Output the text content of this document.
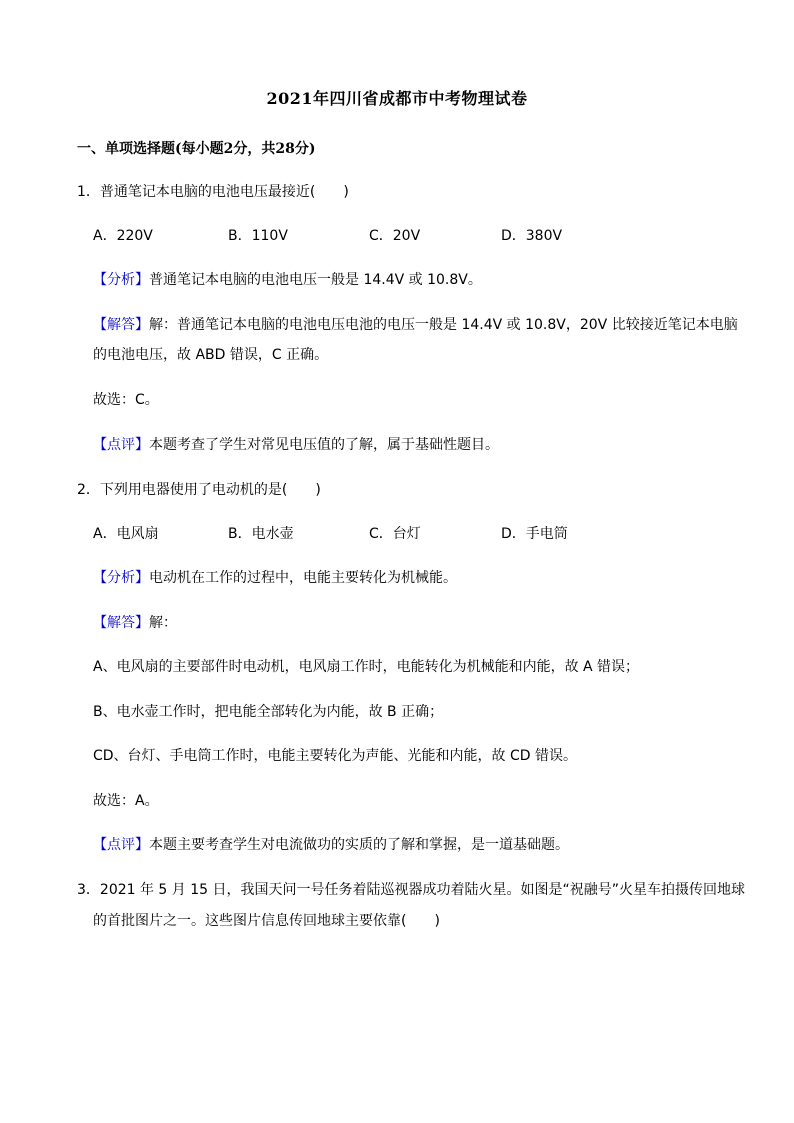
2021年四川省成都市中考物理试卷
一、单项选择题(每小题2分，共28分)
1．普通笔记本电脑的电池电压最接近(　　)
A．220V	B．110V	C．20V	D．380V
【分析】普通笔记本电脑的电池电压一般是 14.4V 或 10.8V。
【解答】解：普通笔记本电脑的电池电压电池的电压一般是 14.4V 或 10.8V，20V 比较接近笔记本电脑
的电池电压，故 ABD 错误，C 正确。
故选：C。
【点评】本题考查了学生对常见电压值的了解，属于基础性题目。
2．下列用电器使用了电动机的是(　　)
A．电风扇	B．电水壶	C．台灯	D．手电筒
【分析】电动机在工作的过程中，电能主要转化为机械能。
【解答】解：
A、电风扇的主要部件时电动机，电风扇工作时，电能转化为机械能和内能，故 A 错误；
B、电水壶工作时，把电能全部转化为内能，故 B 正确；
CD、台灯、手电筒工作时，电能主要转化为声能、光能和内能，故 CD 错误。
故选：A。
【点评】本题主要考查学生对电流做功的实质的了解和掌握，是一道基础题。
3．2021 年 5 月 15 日，我国天问一号任务着陆巡视器成功着陆火星。如图是“祝融号”火星车拍摄传回地球
的首批图片之一。这些图片信息传回地球主要依靠(　　)
